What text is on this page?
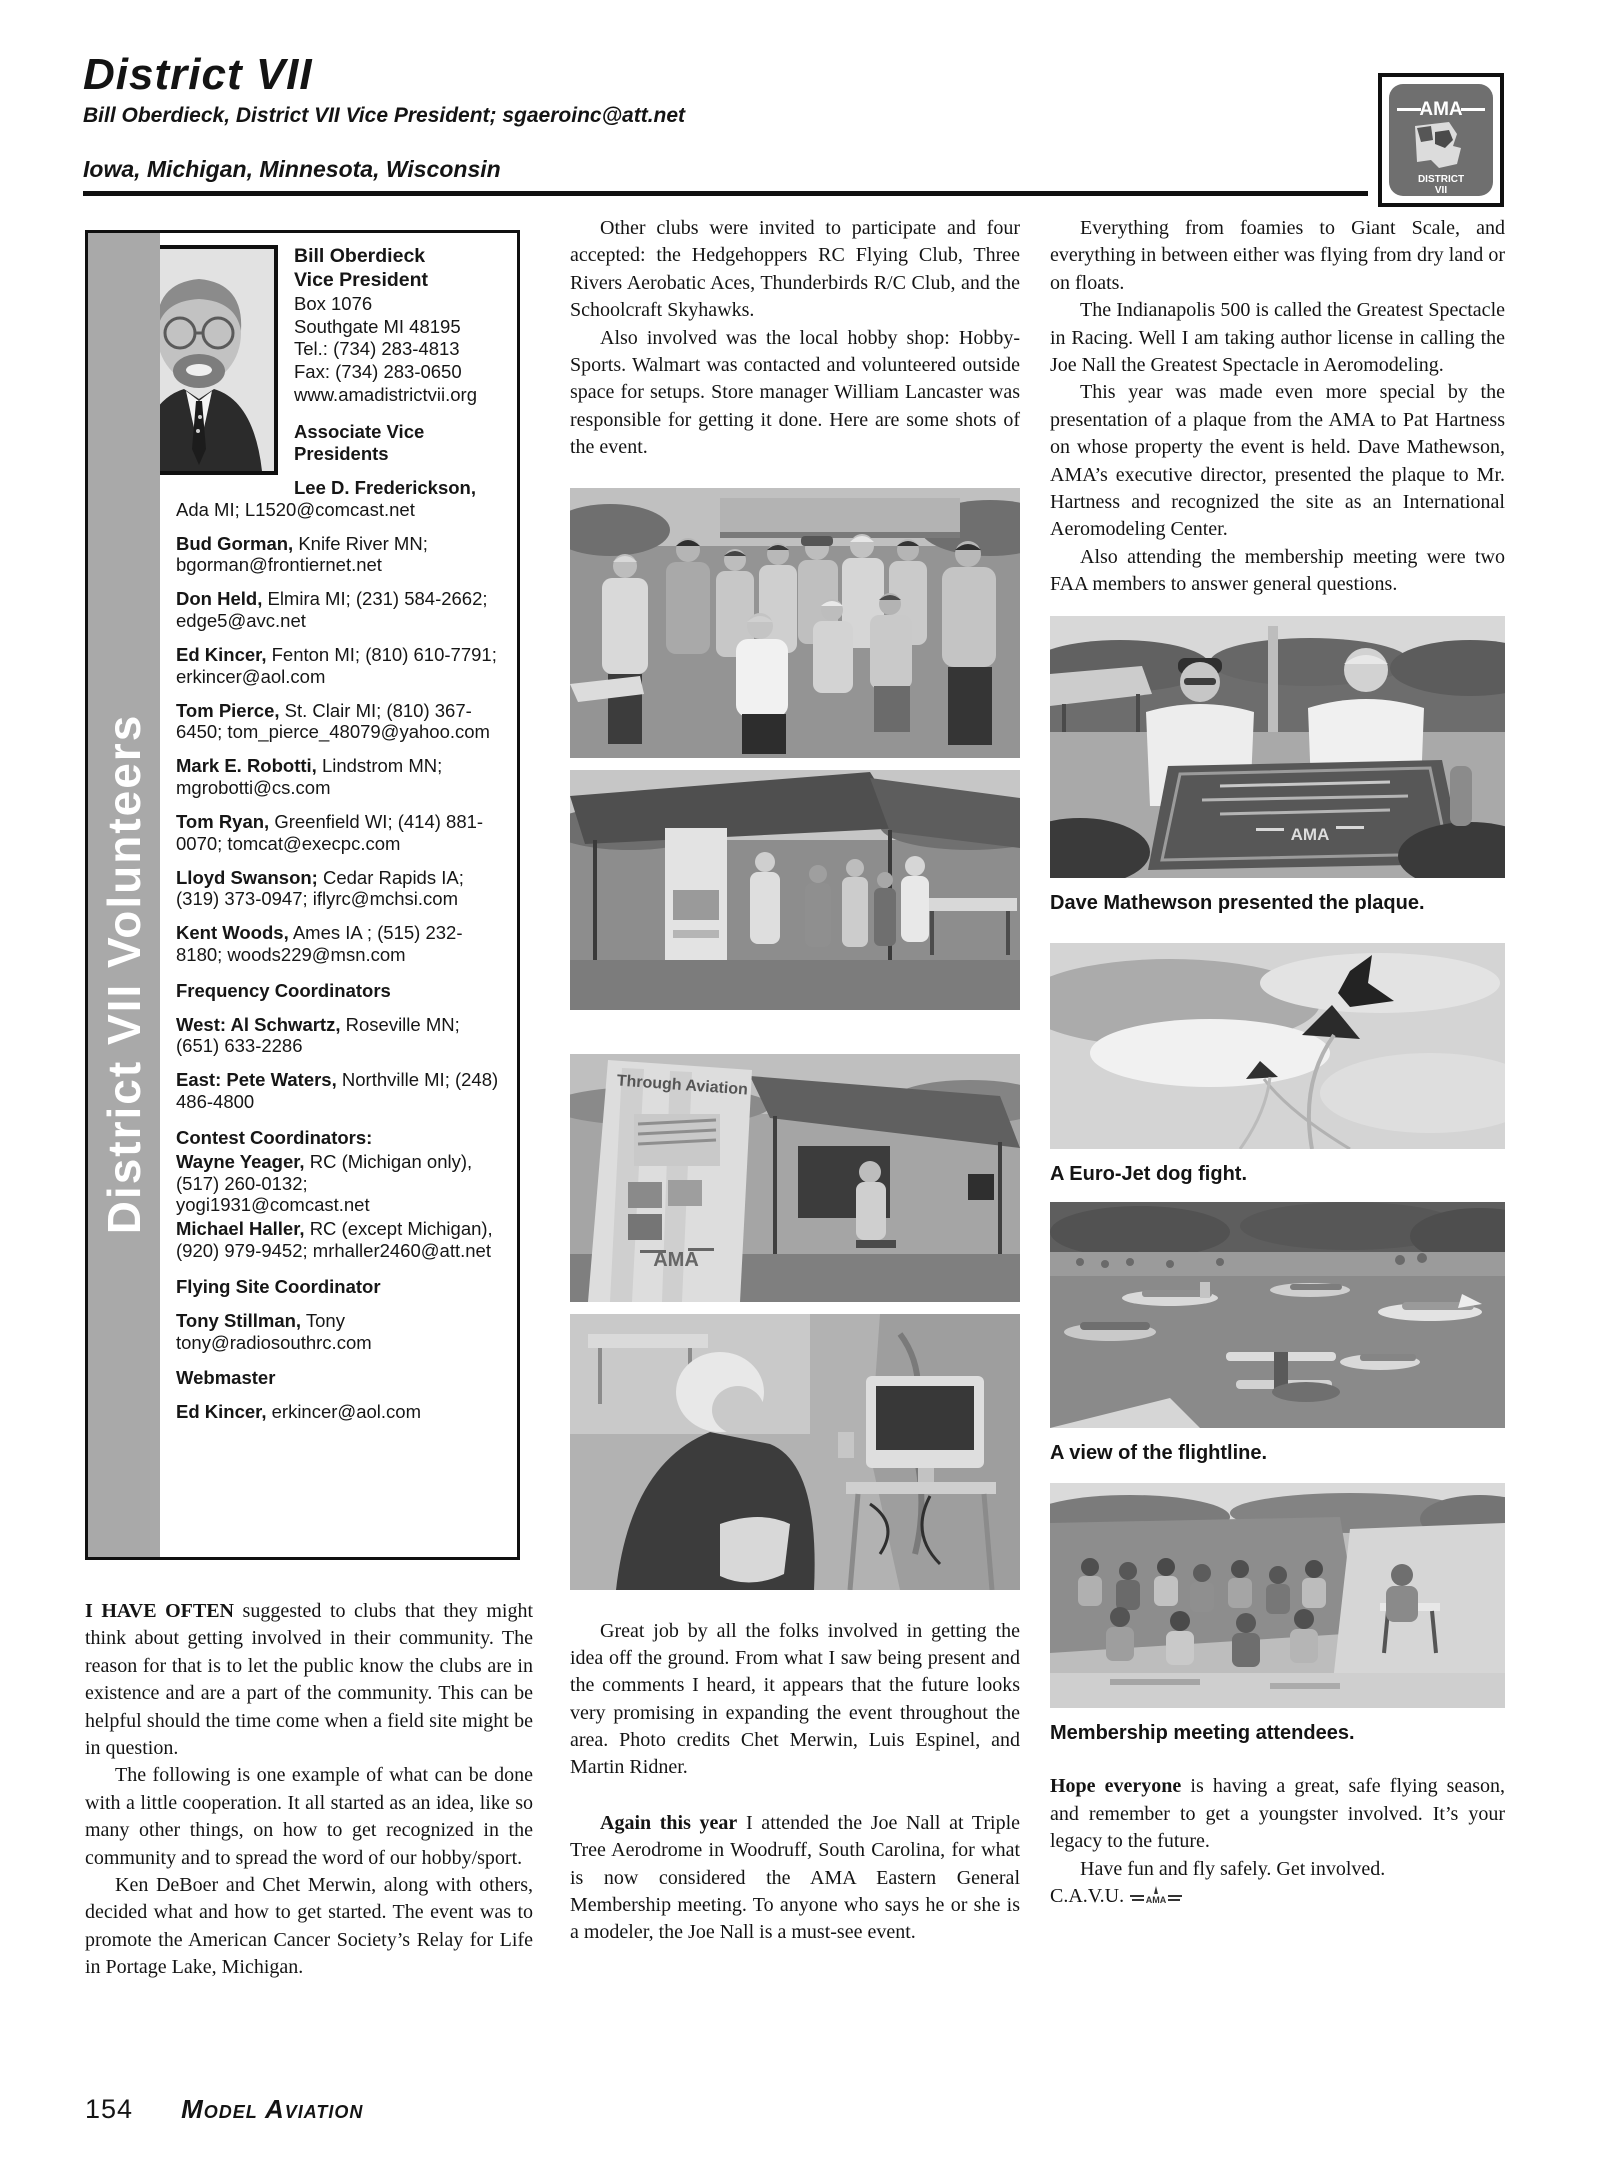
District VII
Bill Oberdieck, District VII Vice President; sgaeroinc@att.net
Iowa, Michigan, Minnesota, Wisconsin
AMA
DISTRICT
VII
District VII Volunteers
Bill Oberdieck
Vice President
Box 1076
Southgate MI 48195
Tel.: (734) 283-4813
Fax: (734) 283-0650
www.amadistrictvii.org
Associate Vice Presidents
Lee D. Frederickson, Ada MI; L1520@comcast.net
Bud Gorman, Knife River MN; bgorman@frontiernet.net
Don Held, Elmira MI; (231) 584-2662; edge5@avc.net
Ed Kincer, Fenton MI; (810) 610-7791; erkincer@aol.com
Tom Pierce, St. Clair MI; (810) 367-6450; tom_pierce_48079@yahoo.com
Mark E. Robotti, Lindstrom MN; mgrobotti@cs.com
Tom Ryan, Greenfield WI; (414) 881-0070; tomcat@execpc.com
Lloyd Swanson; Cedar Rapids IA; (319) 373-0947; iflyrc@mchsi.com
Kent Woods, Ames IA ; (515) 232-8180; woods229@msn.com
Frequency Coordinators
West: Al Schwartz, Roseville MN; (651) 633-2286
East: Pete Waters, Northville MI; (248) 486-4800
Contest Coordinators:
Wayne Yeager, RC (Michigan only), (517) 260-0132; yogi1931@comcast.net
Michael Haller, RC (except Michigan), (920) 979-9452; mrhaller2460@att.net
Flying Site Coordinator
Tony Stillman, Tony tony@radiosouthrc.com
Webmaster
Ed Kincer, erkincer@aol.com

I HAVE OFTEN suggested to clubs that they might think about getting involved in their community. The reason for that is to let the public know the clubs are in existence and are a part of the community. This can be helpful should the time come when a field site might be in question.

The following is one example of what can be done with a little cooperation. It all started as an idea, like so many other things, on how to get recognized in the community and to spread the word of our hobby/sport.

Ken DeBoer and Chet Merwin, along with others, decided what and how to get started. The event was to promote the American Cancer Society’s Relay for Life in Portage Lake, Michigan.

Other clubs were invited to participate and four accepted: the Hedgehoppers RC Flying Club, Three Rivers Aerobatic Aces, Thunderbirds R/C Club, and the Schoolcraft Skyhawks.

Also involved was the local hobby shop: Hobby-Sports. Walmart was contacted and volunteered outside space for setups. Store manager William Lancaster was responsible for getting it done. Here are some shots of the event.

Through Aviation
AMA

Great job by all the folks involved in getting the idea off the ground. From what I saw being present and the comments I heard, it appears that the future looks very promising in expanding the event throughout the area. Photo credits Chet Merwin, Luis Espinel, and Martin Ridner.

Again this year I attended the Joe Nall at Triple Tree Aerodrome in Woodruff, South Carolina, for what is now considered the AMA Eastern General Membership meeting. To anyone who says he or she is a modeler, the Joe Nall is a must-see event.

Everything from foamies to Giant Scale, and everything in between either was flying from dry land or on floats.

The Indianapolis 500 is called the Greatest Spectacle in Racing. Well I am taking author license in calling the Joe Nall the Greatest Spectacle in Aeromodeling.

This year was made even more special by the presentation of a plaque from the AMA to Pat Hartness on whose property the event is held. Dave Mathewson, AMA’s executive director, presented the plaque to Mr. Hartness and recognized the site as an International Aeromodeling Center.

Also attending the membership meeting were two FAA members to answer general questions.

AMA
Dave Mathewson presented the plaque.
A Euro-Jet dog fight.
A view of the flightline.
Membership meeting attendees.

Hope everyone is having a great, safe flying season, and remember to get a youngster involved. It’s your legacy to the future.

Have fun and fly safely. Get involved.

C.A.V.U. AMA

154 Model Aviation
